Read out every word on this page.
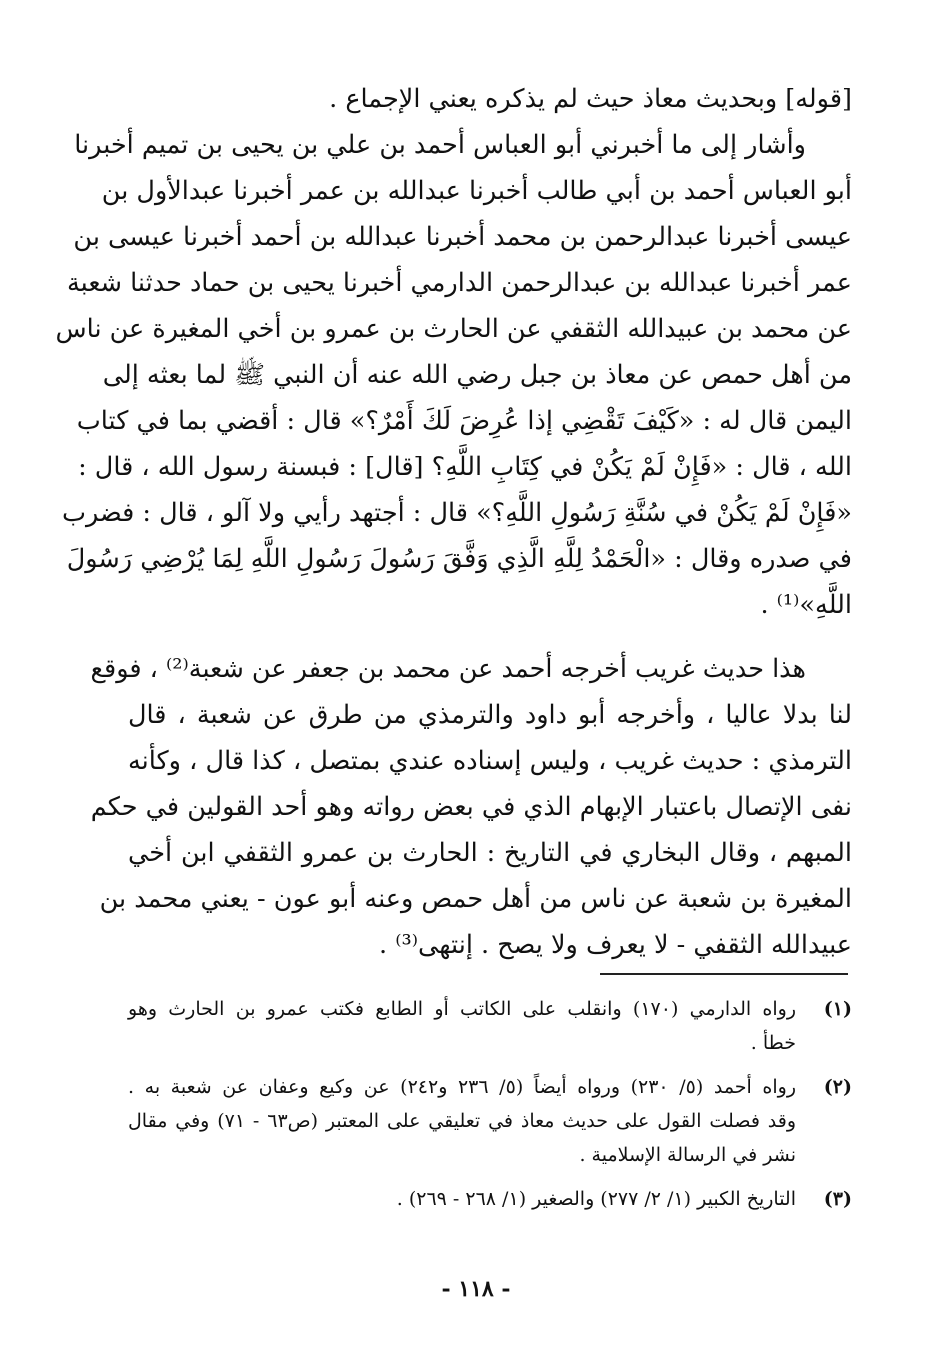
[قوله] وبحديث معاذ حيث لم يذكره يعني الإجماع .
وأشار إلى ما أخبرني أبو العباس أحمد بن علي بن يحيى بن تميم أخبرنا
أبو العباس أحمد بن أبي طالب أخبرنا عبدالله بن عمر أخبرنا عبدالأول بن
عيسى أخبرنا عبدالرحمن بن محمد أخبرنا عبدالله بن أحمد أخبرنا عيسى بن
عمر أخبرنا عبدالله بن عبدالرحمن الدارمي أخبرنا يحيى بن حماد حدثنا شعبة
عن محمد بن عبيدالله الثقفي عن الحارث بن عمرو بن أخي المغيرة عن ناس
من أهل حمص عن معاذ بن جبل رضي الله عنه أن النبي ﷺ لما بعثه إلى
اليمن قال له : «كَيْفَ تَقْضِي إذا عُرِضَ لَكَ أَمْرٌ؟» قال : أقضي بما في كتاب
الله ، قال : «فَإِنْ لَمْ يَكُنْ في كِتَابِ اللَّهِ؟ [قال] : فبسنة رسول الله ، قال :
«فَإِنْ لَمْ يَكُنْ في سُنَّةِ رَسُولِ اللَّهِ؟» قال : أجتهد رأيي ولا آلو ، قال : فضرب
في صدره وقال : «الْحَمْدُ لِلَّهِ الَّذِي وَفَّقَ رَسُولَ رَسُولِ اللَّهِ لِمَا يُرْضِي رَسُولَ
اللَّهِ»⁽¹⁾ .
هذا حديث غريب أخرجه أحمد عن محمد بن جعفر عن شعبة⁽²⁾ ، فوقع
لنا بدلا عاليا ، وأخرجه أبو داود والترمذي من طرق عن شعبة ، قال
الترمذي : حديث غريب ، وليس إسناده عندي بمتصل ، كذا قال ، وكأنه
نفى الإتصال باعتبار الإبهام الذي في بعض رواته وهو أحد القولين في حكم
المبهم ، وقال البخاري في التاريخ : الحارث بن عمرو الثقفي ابن أخي
المغيرة بن شعبة عن ناس من أهل حمص وعنه أبو عون - يعني محمد بن
عبيدالله الثقفي - لا يعرف ولا يصح . إنتهى⁽³⁾ .
(١)
رواه الدارمي (١٧٠) وانقلب على الكاتب أو الطابع فكتب عمرو بن الحارث وهو
خطأ .
(٢)
رواه أحمد (٥/ ٢٣٠) ورواه أيضاً (٥/ ٢٣٦ و٢٤٢) عن وكيع وعفان عن شعبة به .
وقد فصلت القول على حديث معاذ في تعليقي على المعتبر (ص٦٣ - ٧١) وفي مقال
نشر في الرسالة الإسلامية .
(٣)
التاريخ الكبير (١/ ٢/ ٢٧٧) والصغير (١/ ٢٦٨ - ٢٦٩) .
- ١١٨ -
